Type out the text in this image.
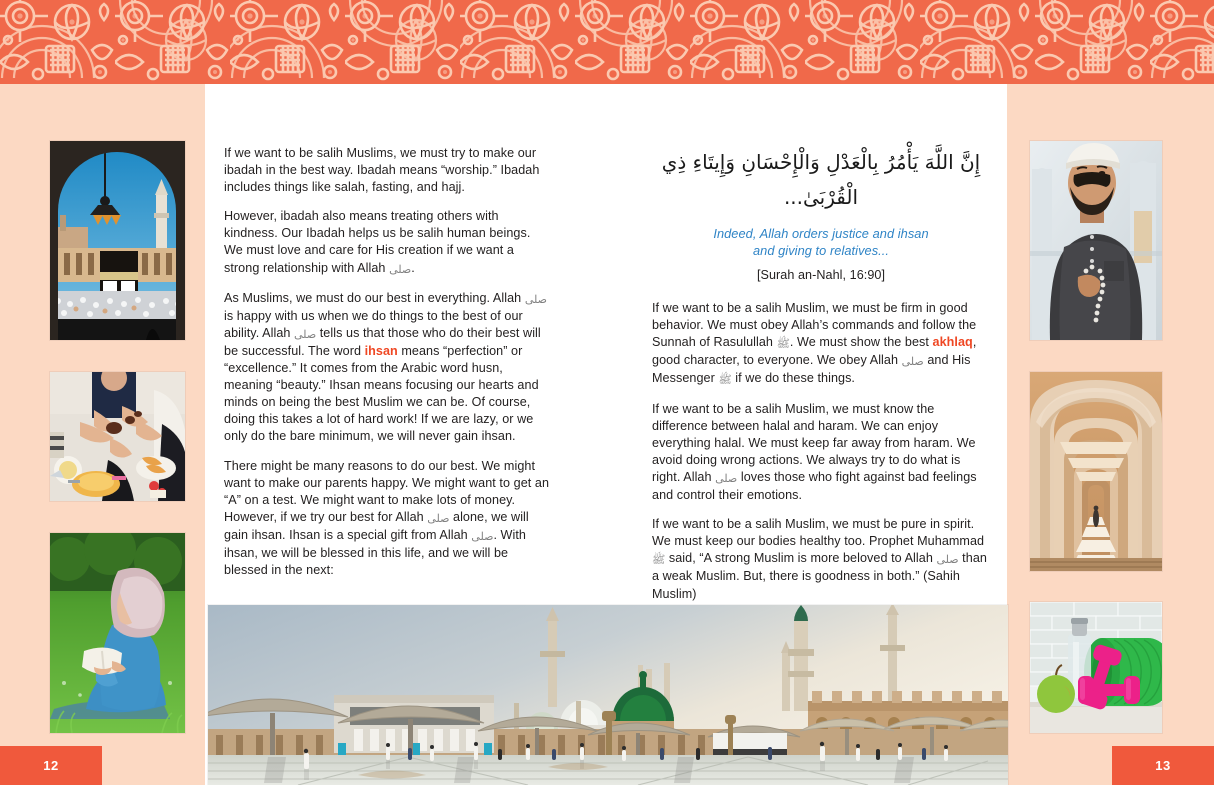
If we want to be salih Muslims, we must try to make our ibadah in the best way. Ibadah means “worship.” Ibadah includes things like salah, fasting, and hajj.

However, ibadah also means treating others with kindness. Our Ibadah helps us be salih human beings. We must love and care for His creation if we want a strong relationship with Allah صلى.

As Muslims, we must do our best in everything. Allah صلى is happy with us when we do things to the best of our ability. Allah صلى tells us that those who do their best will be successful. The word ihsan means “perfection” or “excellence.” It comes from the Arabic word husn, meaning “beauty.” Ihsan means focusing our hearts and minds on being the best Muslim we can be. Of course, doing this takes a lot of hard work! If we are lazy, or we only do the bare minimum, we will never gain ihsan.

There might be many reasons to do our best. We might want to make our parents happy. We might want to get an “A” on a test. We might want to make lots of money. However, if we try our best for Allah صلى alone, we will gain ihsan. Ihsan is a special gift from Allah صلى. With ihsan, we will be blessed in this life, and we will be blessed in the next:

إِنَّ اللَّهَ يَأْمُرُ بِالْعَدْلِ وَالْإِحْسَانِ وَإِيتَاءِ ذِي الْقُرْبَىٰ...
Indeed, Allah orders justice and ihsan
and giving to relatives...
[Surah an-Nahl, 16:90]

If we want to be a salih Muslim, we must be firm in good behavior. We must obey Allah’s commands and follow the Sunnah of Rasulullah ﷺ. We must show the best akhlaq, good character, to everyone. We obey Allah صلى and His Messenger ﷺ if we do these things.

If we want to be a salih Muslim, we must know the difference between halal and haram. We can enjoy everything halal. We must keep far away from haram. We avoid doing wrong actions. We always try to do what is right. Allah صلى loves those who fight against bad feelings and control their emotions.

If we want to be a salih Muslim, we must be pure in spirit. We must keep our bodies healthy too. Prophet Muhammad ﷺ said, “A strong Muslim is more beloved to Allah صلى than a weak Muslim. But, there is goodness in both.” (Sahih Muslim)

12	13
